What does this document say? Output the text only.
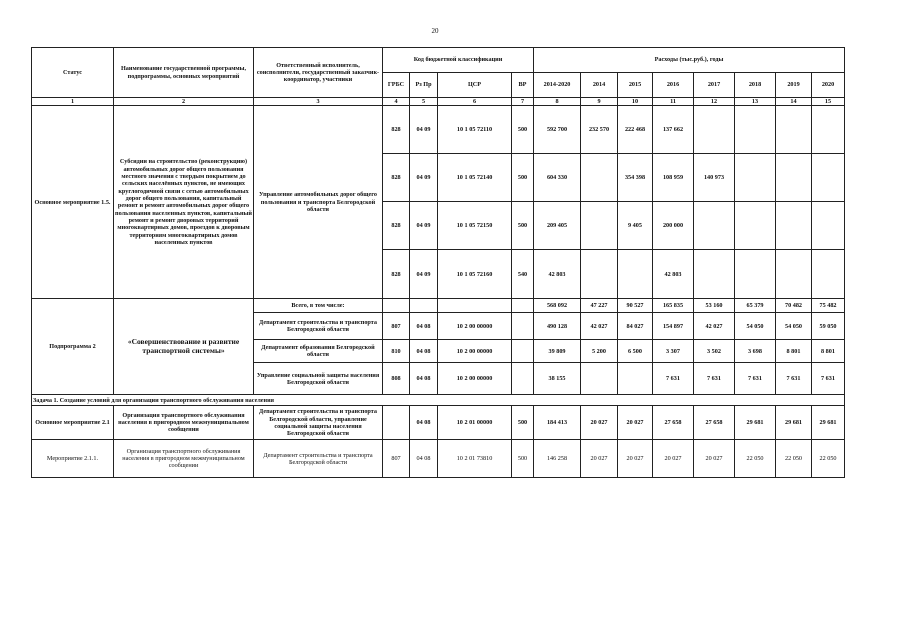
20
Статус	Наименование государственной программы, подпрограммы, основных мероприятий	Ответственный исполнитель, соисполнители, государственный заказчик-координатор, участники	Код бюджетной классификации				Расходы (тыс.руб.), годы							
			ГРБС	Рз Пр	ЦСР	ВР	2014-2020	2014	2015	2016	2017	2018	2019	2020
1	2	3	4	5	6	7	8	9	10	11	12	13	14	15
Основное мероприятие 1.5.	Субсидии на строительство (реконструкцию) автомобильных дорог общего пользования местного значения с твердым покрытием до сельских населённых пунктов, не имеющих круглогодичной связи с сетью автомобильных дорог общего пользования, капитальный ремонт и ремонт автомобильных дорог общего пользования населенных пунктов, капитальный ремонт и ремонт дворовых территорий многоквартирных домов, проездов к дворовым территориям многоквартирных домов населенных пунктов	Управление автомобильных дорог общего пользования и транспорта Белгородской области	828	04 09	10 1 05 72110	500	592 700	232 570	222 468	137 662				
			828	04 09	10 1 05 72140	500	604 330		354 398	108 959	140 973			
			828	04 09	10 1 05 72150	500	209 405		9 405	200 000				
			828	04 09	10 1 05 72160	540	42 803			42 803				
Подпрограмма 2	«Совершенствование и развитие транспортной системы»	Всего, в том числе:					568 092	47 227	90 527	165 835	53 160	65 379	70 482	75 482
		Департамент строительства и транспорта Белгородской области	807	04 08	10 2 00 00000		490 128	42 027	84 027	154 897	42 027	54 050	54 050	59 050
		Департамент образования Белгородской области	810	04 08	10 2 00 00000		39 809	5 200	6 500	3 307	3 502	3 698	8 801	8 801
		Управление социальной защиты населения Белгородской области	808	04 08	10 2 00 00000		38 155			7 631	7 631	7 631	7 631	7 631
Задача 1. Создание условий для организации транспортного обслуживания населения														
Основное мероприятие 2.1	Организация транспортного обслуживания населения в пригородном межмуниципальном сообщении	Департамент строительства и транспорта Белгородской области, управление социальной защиты населения Белгородской области		04 08	10 2 01 00000	500	184 413	20 027	20 027	27 658	27 658	29 681	29 681	29 681
Мероприятие 2.1.1.	Организация транспортного обслуживания населения в пригородном межмуниципальном сообщении	Департамент строительства и транспорта Белгородской области	807	04 08	10 2 01 73810	500	146 258	20 027	20 027	20 027	20 027	22 050	22 050	22 050
